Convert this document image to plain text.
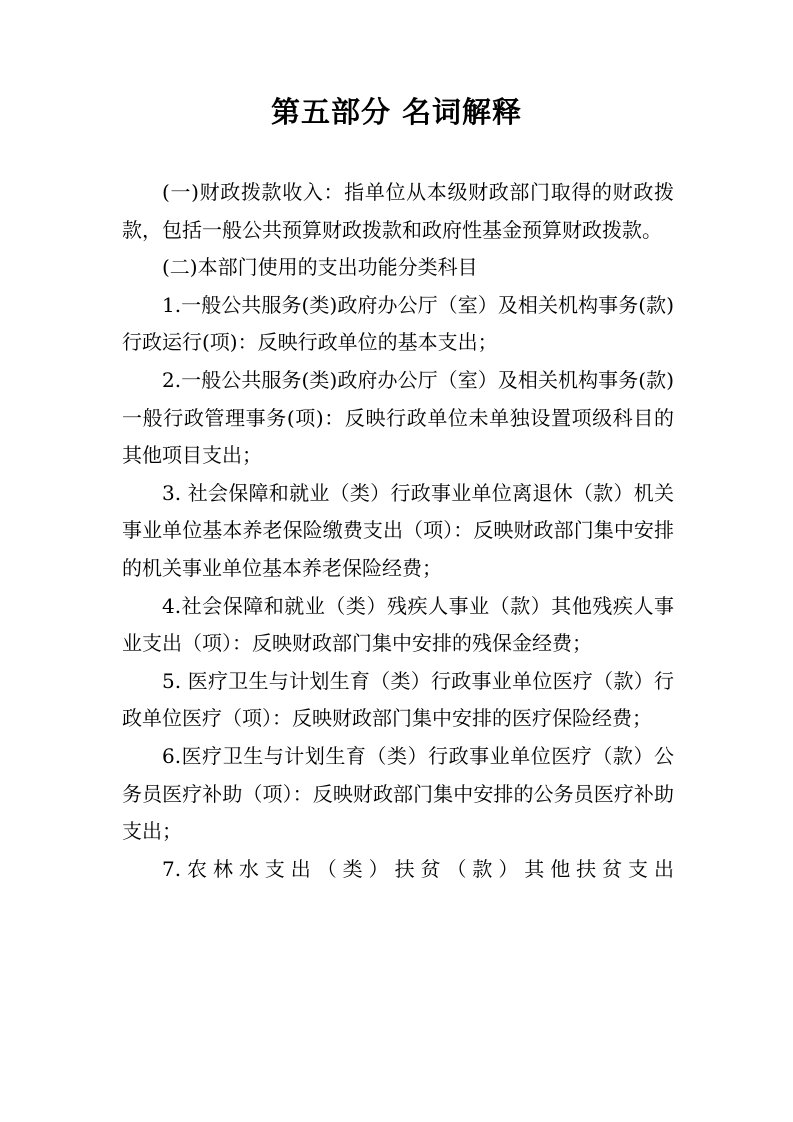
第五部分 名词解释

(一)财政拨款收入：指单位从本级财政部门取得的财政拨款，包括一般公共预算财政拨款和政府性基金预算财政拨款。

(二)本部门使用的支出功能分类科目

1.一般公共服务(类)政府办公厅（室）及相关机构事务(款)行政运行(项)：反映行政单位的基本支出；

2.一般公共服务(类)政府办公厅（室）及相关机构事务(款)一般行政管理事务(项)：反映行政单位未单独设置项级科目的其他项目支出；

3. 社会保障和就业（类）行政事业单位离退休（款）机关事业单位基本养老保险缴费支出（项）：反映财政部门集中安排的机关事业单位基本养老保险经费；

4.社会保障和就业（类）残疾人事业（款）其他残疾人事业支出（项）：反映财政部门集中安排的残保金经费；

5. 医疗卫生与计划生育（类）行政事业单位医疗（款）行政单位医疗（项）：反映财政部门集中安排的医疗保险经费；

6.医疗卫生与计划生育（类）行政事业单位医疗（款）公务员医疗补助（项）：反映财政部门集中安排的公务员医疗补助支出；

7.农林水支出（类）扶贫（款）其他扶贫支出
